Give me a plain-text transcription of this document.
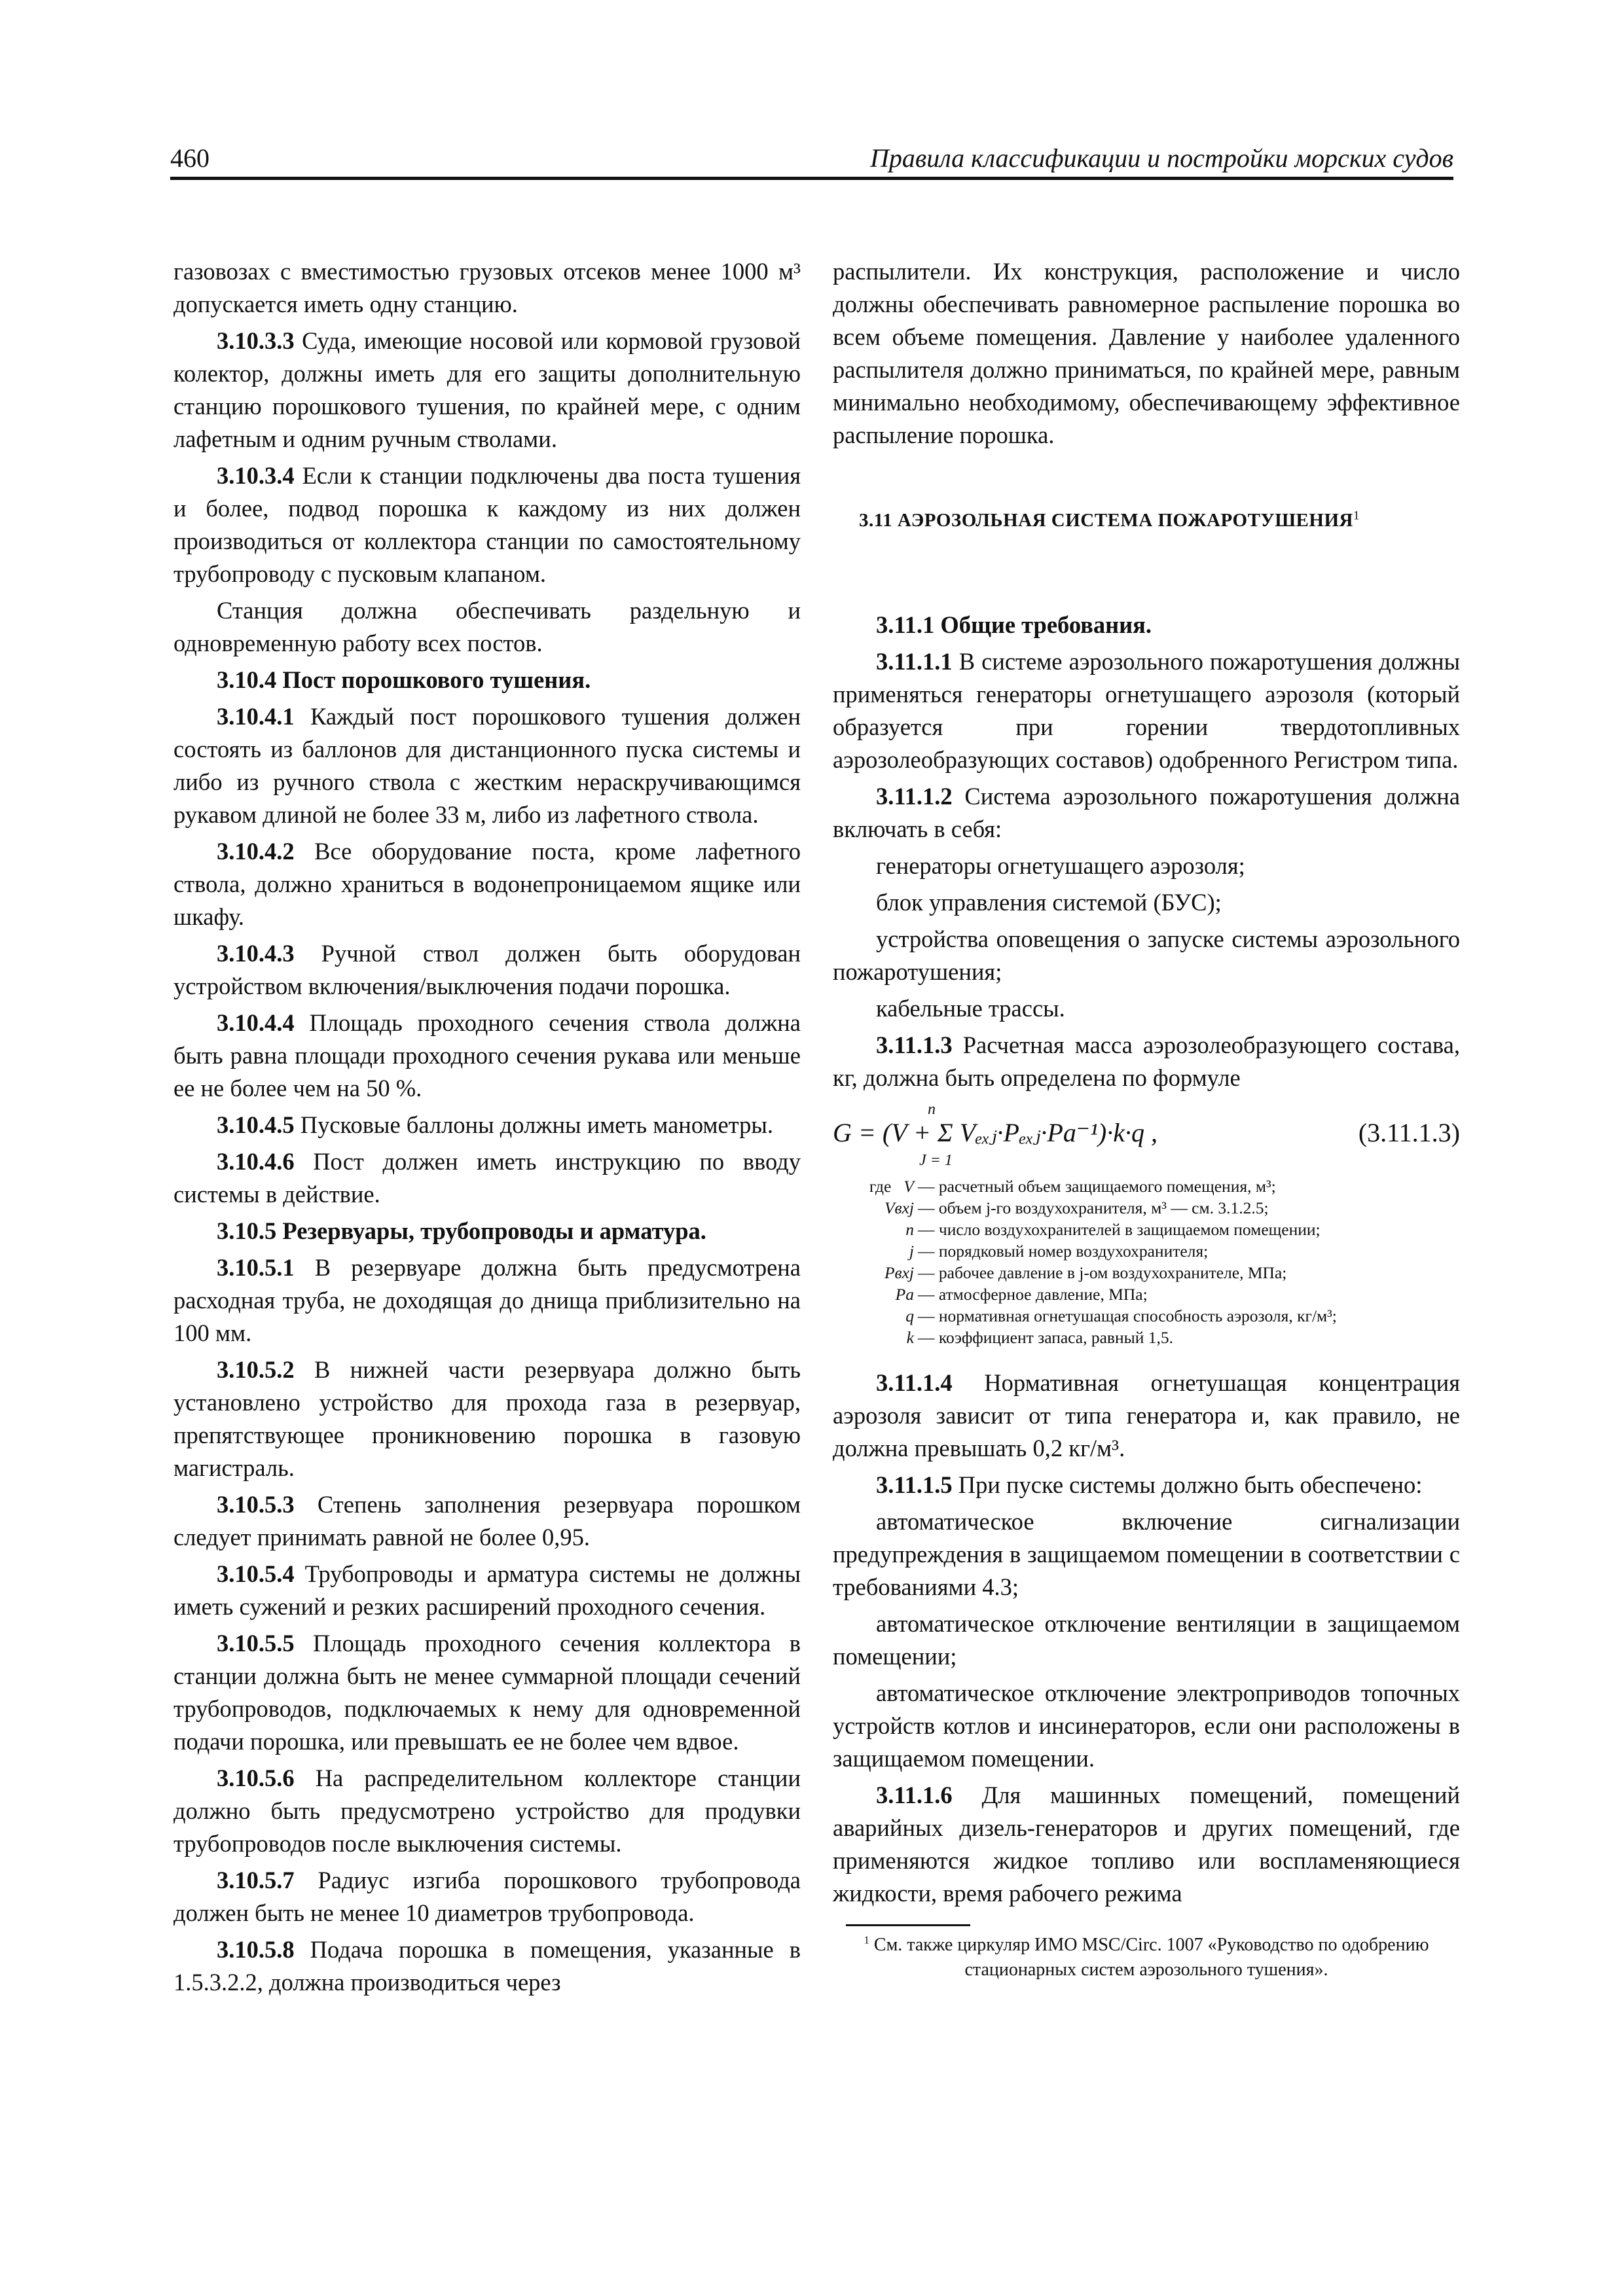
460	Правила классификации и постройки морских судов

газовозах с вместимостью грузовых отсеков менее 1000 м³ допускается иметь одну станцию.

3.10.3.3 Суда, имеющие носовой или кормовой грузовой колектор, должны иметь для его защиты дополнительную станцию порошкового тушения, по крайней мере, с одним лафетным и одним ручным стволами.

3.10.3.4 Если к станции подключены два поста тушения и более, подвод порошка к каждому из них должен производиться от коллектора станции по самостоятельному трубопроводу с пусковым клапаном.

Станция должна обеспечивать раздельную и одновременную работу всех постов.

3.10.4 Пост порошкового тушения.

3.10.4.1 Каждый пост порошкового тушения должен состоять из баллонов для дистанционного пуска системы и либо из ручного ствола с жестким нераскручивающимся рукавом длиной не более 33 м, либо из лафетного ствола.

3.10.4.2 Все оборудование поста, кроме лафетного ствола, должно храниться в водонепроницаемом ящике или шкафу.

3.10.4.3 Ручной ствол должен быть оборудован устройством включения/выключения подачи порошка.

3.10.4.4 Площадь проходного сечения ствола должна быть равна площади проходного сечения рукава или меньше ее не более чем на 50 %.

3.10.4.5 Пусковые баллоны должны иметь манометры.

3.10.4.6 Пост должен иметь инструкцию по вводу системы в действие.

3.10.5 Резервуары, трубопроводы и арматура.

3.10.5.1 В резервуаре должна быть предусмотрена расходная труба, не доходящая до днища приблизительно на 100 мм.

3.10.5.2 В нижней части резервуара должно быть установлено устройство для прохода газа в резервуар, препятствующее проникновению порошка в газовую магистраль.

3.10.5.3 Степень заполнения резервуара порошком следует принимать равной не более 0,95.

3.10.5.4 Трубопроводы и арматура системы не должны иметь сужений и резких расширений проходного сечения.

3.10.5.5 Площадь проходного сечения коллектора в станции должна быть не менее суммарной площади сечений трубопроводов, подключаемых к нему для одновременной подачи порошка, или превышать ее не более чем вдвое.

3.10.5.6 На распределительном коллекторе станции должно быть предусмотрено устройство для продувки трубопроводов после выключения системы.

3.10.5.7 Радиус изгиба порошкового трубопровода должен быть не менее 10 диаметров трубопровода.

3.10.5.8 Подача порошка в помещения, указанные в 1.5.3.2.2, должна производиться через

распылители. Их конструкция, расположение и число должны обеспечивать равномерное распыление порошка во всем объеме помещения. Давление у наиболее удаленного распылителя должно приниматься, по крайней мере, равным минимально необходимому, обеспечивающему эффективное распыление порошка.

3.11 АЭРОЗОЛЬНАЯ СИСТЕМА ПОЖАРОТУШЕНИЯ$^1$

3.11.1 Общие требования.

3.11.1.1 В системе аэрозольного пожаротушения должны применяться генераторы огнетушащего аэрозоля (который образуется при горении твердотопливных аэрозолеобразующих составов) одобренного Регистром типа.

3.11.1.2 Система аэрозольного пожаротушения должна включать в себя:

генераторы огнетушащего аэрозоля;

блок управления системой (БУС);

устройства оповещения о запуске системы аэрозольного пожаротушения;

кабельные трассы.

3.11.1.3 Расчетная масса аэрозолеобразующего состава, кг, должна быть определена по формуле

n
G = (V + Σ Vₑₓⱼ·Pₑₓⱼ·Pa⁻¹)·k·q ,
J = 1
(3.11.1.3)
где V — расчетный объем защищаемого помещения, м³;
Vвхj — объем j-го воздухохранителя, м³ — см. 3.1.2.5;
n — число воздухохранителей в защищаемом помещении;
j — порядковый номер воздухохранителя;
Pвхj — рабочее давление в j-ом воздухохранителе, МПа;
Pa — атмосферное давление, МПа;
q — нормативная огнетушащая способность аэрозоля, кг/м³;
k — коэффициент запаса, равный 1,5.

3.11.1.4 Нормативная огнетушащая концентрация аэрозоля зависит от типа генератора и, как правило, не должна превышать 0,2 кг/м³.

3.11.1.5 При пуске системы должно быть обеспечено:

автоматическое включение сигнализации предупреждения в защищаемом помещении в соответствии с требованиями 4.3;

автоматическое отключение вентиляции в защищаемом помещении;

автоматическое отключение электроприводов топочных устройств котлов и инсинераторов, если они расположены в защищаемом помещении.

3.11.1.6 Для машинных помещений, помещений аварийных дизель-генераторов и других помещений, где применяются жидкое топливо или воспламеняющиеся жидкости, время рабочего режима

$^1$ См. также циркуляр ИМО MSC/Circ. 1007 «Руководство по одобрению стационарных систем аэрозольного тушения».
